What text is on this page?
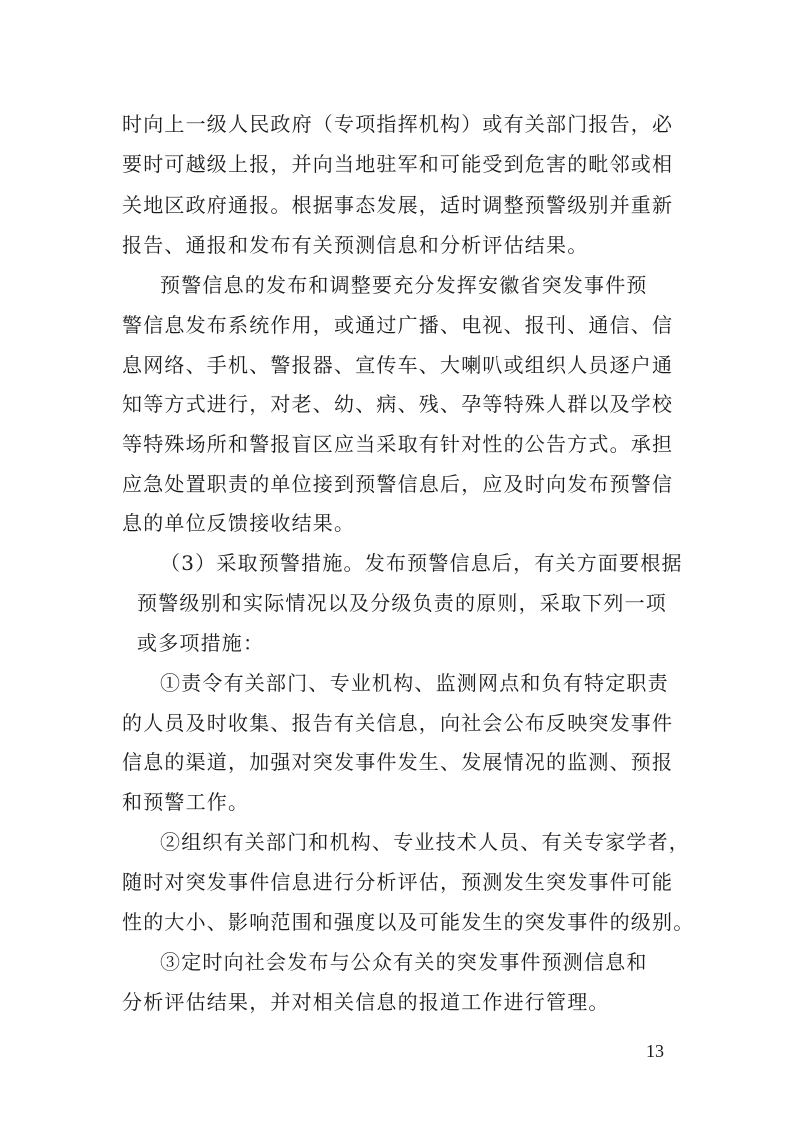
时向上一级人民政府（专项指挥机构）或有关部门报告，必
要时可越级上报，并向当地驻军和可能受到危害的毗邻或相
关地区政府通报。根据事态发展，适时调整预警级别并重新
报告、通报和发布有关预测信息和分析评估结果。
预警信息的发布和调整要充分发挥安徽省突发事件预
警信息发布系统作用，或通过广播、电视、报刊、通信、信
息网络、手机、警报器、宣传车、大喇叭或组织人员逐户通
知等方式进行，对老、幼、病、残、孕等特殊人群以及学校
等特殊场所和警报盲区应当采取有针对性的公告方式。承担
应急处置职责的单位接到预警信息后，应及时向发布预警信
息的单位反馈接收结果。
（3）采取预警措施。发布预警信息后，有关方面要根据
预警级别和实际情况以及分级负责的原则，采取下列一项
或多项措施：
①责令有关部门、专业机构、监测网点和负有特定职责
的人员及时收集、报告有关信息，向社会公布反映突发事件
信息的渠道，加强对突发事件发生、发展情况的监测、预报
和预警工作。
②组织有关部门和机构、专业技术人员、有关专家学者，
随时对突发事件信息进行分析评估，预测发生突发事件可能
性的大小、影响范围和强度以及可能发生的突发事件的级别。
③定时向社会发布与公众有关的突发事件预测信息和
分析评估结果，并对相关信息的报道工作进行管理。
13
